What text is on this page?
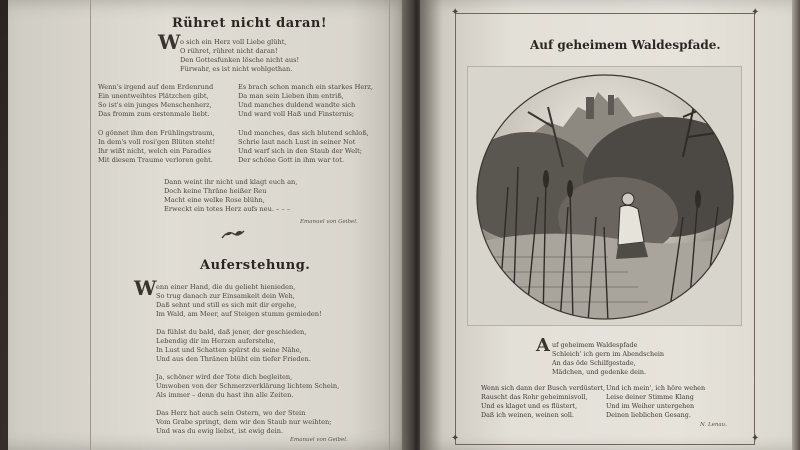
Rühret nicht daran!
W o sich ein Herz voll Liebe glüht,
O rühret, rühret nicht daran!
Den Gottesfunken lösche nicht aus!
Fürwahr, es ist nicht wohlgethan.
Wenn's irgend auf dem Erdenrund
Ein unentweihtes Plätzchen gibt,
So ist's ein junges Menschenherz,
Das fromm zum erstenmale liebt.
O gönnet ihm den Frühlingstraum,
In dem's voll rosi'gen Blüten steht!
Ihr wißt nicht, welch ein Paradies
Mit diesem Traume verloren geht.
Es brach schon manch ein starkes Herz,
Da man sein Lieben ihm entriß,
Und manches duldend wandte sich
Und ward voll Haß und Finsternis;
Und manches, das sich blutend schloß,
Schrie laut nach Lust in seiner Not
Und warf sich in den Staub der Welt;
Der schöne Gott in ihm war tot.
Dann weint ihr nicht und klagt euch an,
Doch keine Thräne heißer Reu
Macht eine welke Rose blühn,
Erweckt ein totes Herz aufs neu. – – –
Emanuel von Geibel.
Auferstehung.
W enn einer Hand, die du geliebt hienieden,
So trug danach zur Einsamkeit dein Weh,
Daß sehnt und still es sich mit dir ergehe,
Im Wald, am Meer, auf Steigen stumm gemieden!
Da fühlst du bald, daß jener, der geschieden,
Lebendig dir im Herzen auferstehe,
In Lust und Schatten spürst du seine Nähe,
Und aus den Thränen blüht ein tiefer Frieden.
Ja, schöner wird der Tote dich begleiten,
Umwoben von der Schmerzverklärung lichtem Schein,
Als immer – denn du hast ihn alle Zeiten.
Das Herz hat auch sein Ostern, wo der Stein
Vom Grabe springt, dem wir den Staub nur weihten;
Und was du ewig liebst, ist ewig dein.
Emanuel von Geibel.
✦	✦
✦	✦
Auf geheimem Waldespfade.
A uf geheimem Waldespfade
Schleich' ich gern im Abendschein
An das öde Schilfgestade,
Mädchen, und gedenke dein.
Wenn sich dann der Busch verdüstert,
Rauscht das Rohr geheimnisvoll,
Und es klaget und es flüstert,
Daß ich weinen, weinen soll.
Und ich mein', ich höre wehen
Leise deiner Stimme Klang
Und im Weiher untergehen
Deinen lieblichen Gesang.
N. Lenau.
